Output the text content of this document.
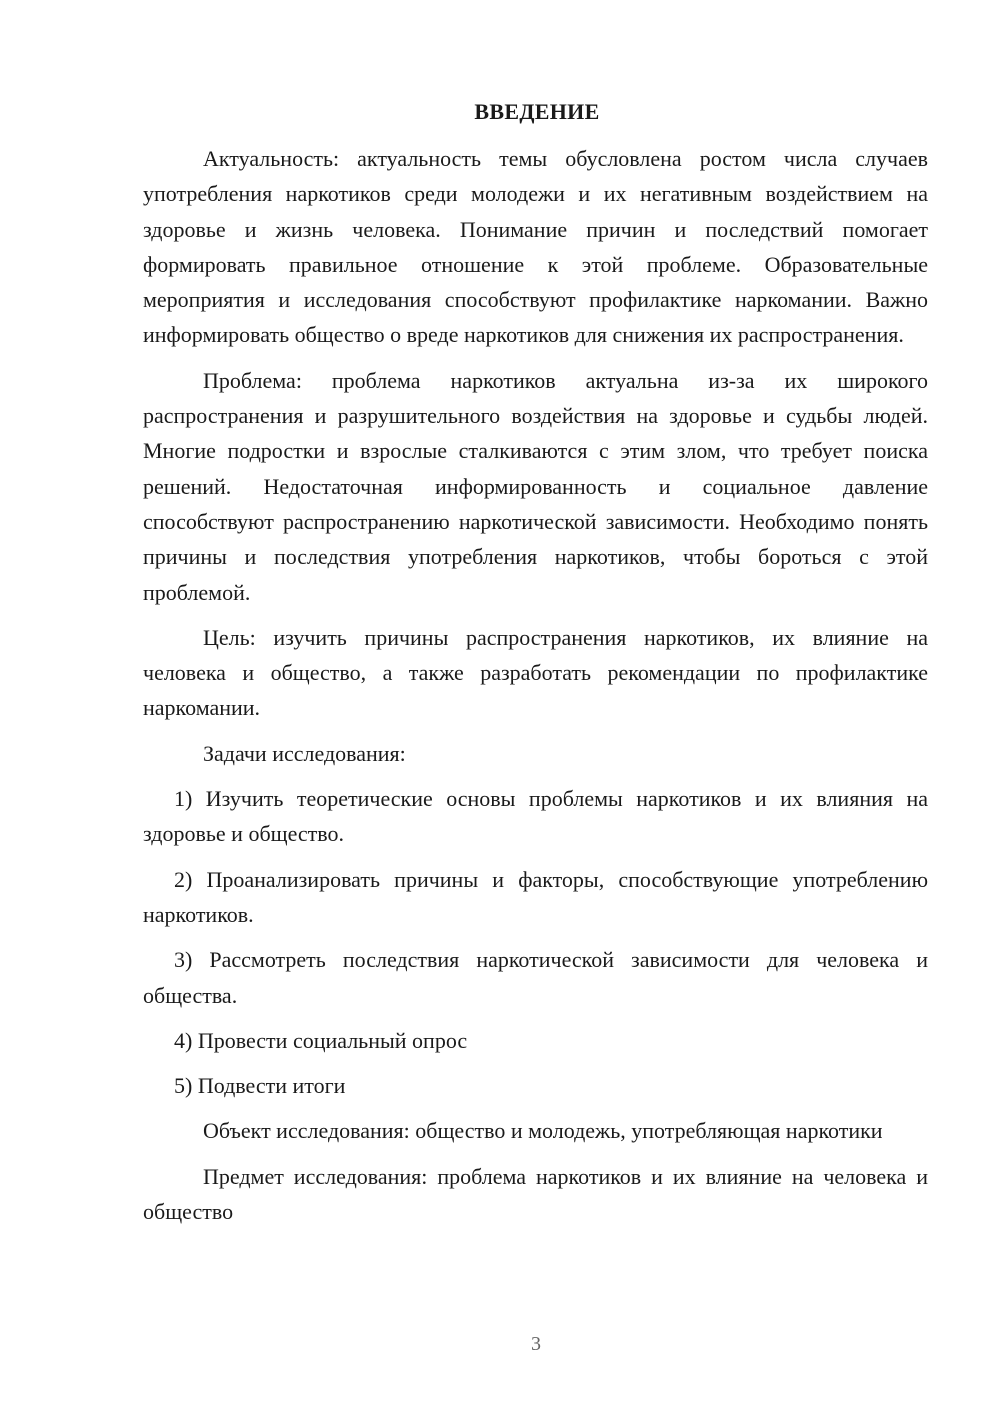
ВВЕДЕНИЕ

Актуальность: актуальность темы обусловлена ростом числа случаев употребления наркотиков среди молодежи и их негативным воздействием на здоровье и жизнь человека. Понимание причин и последствий помогает формировать правильное отношение к этой проблеме. Образовательные мероприятия и исследования способствуют профилактике наркомании. Важно информировать общество о вреде наркотиков для снижения их распространения.

Проблема: проблема наркотиков актуальна из-за их широкого распространения и разрушительного воздействия на здоровье и судьбы людей. Многие подростки и взрослые сталкиваются с этим злом, что требует поиска решений. Недостаточная информированность и социальное давление способствуют распространению наркотической зависимости. Необходимо понять причины и последствия употребления наркотиков, чтобы бороться с этой проблемой.

Цель: изучить причины распространения наркотиков, их влияние на человека и общество, а также разработать рекомендации по профилактике наркомании.

Задачи исследования:

1) Изучить теоретические основы проблемы наркотиков и их влияния на здоровье и общество.

2) Проанализировать причины и факторы, способствующие употреблению наркотиков.

3) Рассмотреть последствия наркотической зависимости для человека и общества.

4) Провести социальный опрос

5) Подвести итоги

Объект исследования: общество и молодежь, употребляющая наркотики

Предмет исследования: проблема наркотиков и их влияние на человека и общество

3
